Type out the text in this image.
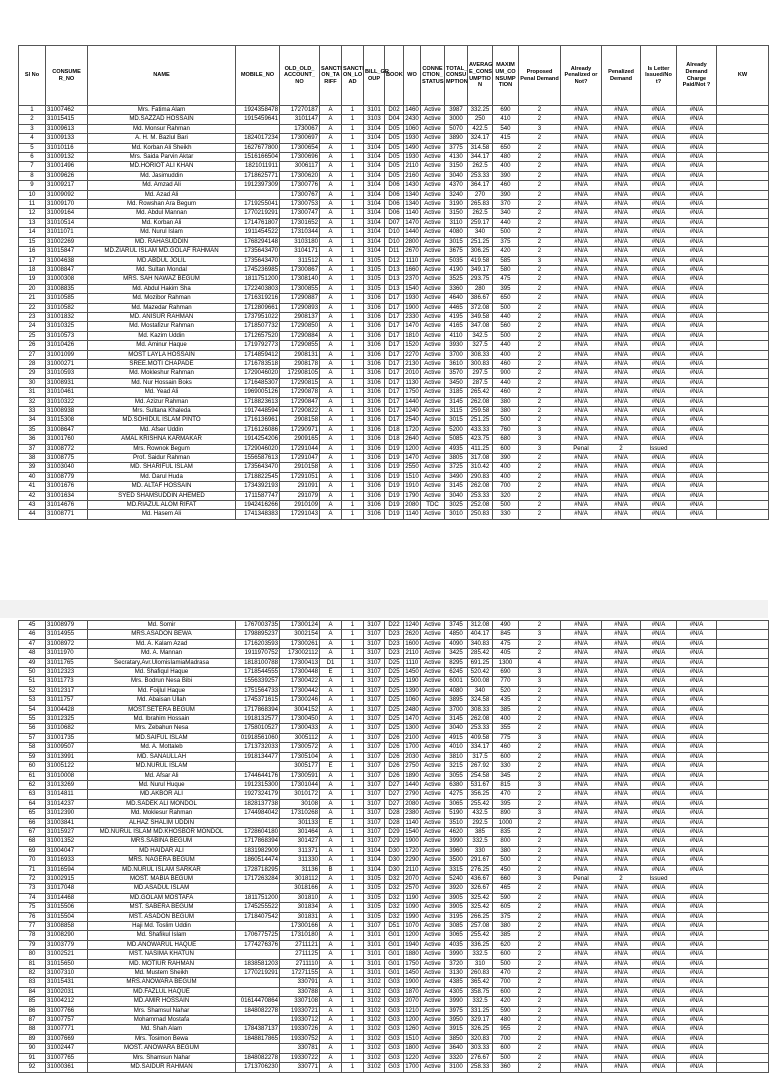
Sl No	CONSUME R_NO	NAME	MOBILE_NO	OLD_OLD_ ACCOUNT_ NO	SANCTI ON_TA RIFF	SANCTI ON_LO AD	BILL_GR OUP	BOOK	WO	CONNE CTION_ STATUS	TOTAL_ CONSU MPTION	AVERAG E_CONS UMPTIO N	MAXIM UM_CO NSUMP TION	Proposed Penal Demand	Already Penalized or Not?	Penalized Demand	Is Letter Issued/No t?	Already Demand Charge Paid/Not ?	KW
1	31007462	Mrs. Fatima Alam	1924358478	17270187	A	1	3101	D02	1460	Active	3987	332.25	690	2	#N/A	#N/A	#N/A	#N/A	
2	31015415	MD.SAZZAD HOSSAIN	1915459641	3101147	A	1	3103	D04	2430	Active	3000	250	410	2	#N/A	#N/A	#N/A	#N/A	
3	31009613	Md. Monsur Rahman		1730067	A	1	3104	D05	1060	Active	5070	422.5	540	3	#N/A	#N/A	#N/A	#N/A	
4	31009133	A. H. M. Bazlul Bari	1824017234	17300697	A	1	3104	D05	1930	Active	3890	324.17	415	2	#N/A	#N/A	#N/A	#N/A	
5	31010116	Md. Korban Ali Sheikh	1627677800	17300654	A	1	3104	D05	1490	Active	3775	314.58	650	2	#N/A	#N/A	#N/A	#N/A	
6	31009132	Mrs. Saida Parvin Aktar	1516166504	17300696	A	1	3104	D05	1930	Active	4130	344.17	480	2	#N/A	#N/A	#N/A	#N/A	
7	31001496	MD.HORIOT ALI KHAN	1821011911	3006117	A	1	3104	D05	2110	Active	3150	262.5	400	2	#N/A	#N/A	#N/A	#N/A	
8	31009626	Md. Jasimuddin	1718625771	17300620	A	1	3104	D05	2160	Active	3040	253.33	390	2	#N/A	#N/A	#N/A	#N/A	
9	31009217	Md. Amzad Ali	1912397309	17300776	A	1	3104	D06	1430	Active	4370	364.17	460	2	#N/A	#N/A	#N/A	#N/A	
10	31009092	Md. Azad Ali		17300767	A	1	3104	D06	1340	Active	3240	270	390	2	#N/A	#N/A	#N/A	#N/A	
11	31009170	Md. Rowshan Ara Begum	1719255041	17300753	A	1	3104	D06	1340	Active	3190	265.83	370	2	#N/A	#N/A	#N/A	#N/A	
12	31009164	Md. Abdul Mannan	1770219291	17300747	A	1	3104	D06	1140	Active	3150	262.5	340	2	#N/A	#N/A	#N/A	#N/A	
13	31010514	Md. Korban Ali	1714761807	17301652	A	1	3104	D07	1470	Active	3110	259.17	440	2	#N/A	#N/A	#N/A	#N/A	
14	31011071	Md. Nurul Islam	1911454522	17310344	A	1	3104	D10	1440	Active	4080	340	500	2	#N/A	#N/A	#N/A	#N/A	
15	31002269	MD. RAHASUDDIN	1768294148	3103180	A	1	3104	D10	2800	Active	3015	251.25	375	2	#N/A	#N/A	#N/A	#N/A	
16	31015847	MD.ZIARUL ISLAM MD.GOLAF RAHMAN	1735643470	3104171	A	1	3104	D11	2670	Active	3675	306.25	420	2	#N/A	#N/A	#N/A	#N/A	
17	31004638	MD.ABDUL JOLIL	1735643470	311512	A	1	3105	D12	1110	Active	5035	419.58	585	3	#N/A	#N/A	#N/A	#N/A	
18	31008847	Md. Sultan Mondal	1745236985	17300867	A	1	3105	D13	1660	Active	4190	349.17	580	2	#N/A	#N/A	#N/A	#N/A	
19	31000308	MRS. SAH NAWAZ BEGUM	1811751200	17308140	A	1	3105	D13	2370	Active	3525	293.75	475	2	#N/A	#N/A	#N/A	#N/A	
20	31008835	Md. Abdul Hakim Sha	1722403803	17300855	A	1	3105	D13	1540	Active	3360	280	395	2	#N/A	#N/A	#N/A	#N/A	
21	31010585	Md. Mozibor Rahman	1716319216	17290887	A	1	3106	D17	1930	Active	4640	386.67	650	2	#N/A	#N/A	#N/A	#N/A	
22	31010582	Md. Mazedar Rahman	1712809661	17290893	A	1	3106	D17	1900	Active	4465	372.08	500	2	#N/A	#N/A	#N/A	#N/A	
23	31001832	MD. ANISUR RAHMAN	1737951022	2908137	A	1	3106	D17	2330	Active	4195	349.58	440	2	#N/A	#N/A	#N/A	#N/A	
24	31010325	Md. Mostafizur Rahman	1718507732	17290850	A	1	3106	D17	1470	Active	4165	347.08	560	2	#N/A	#N/A	#N/A	#N/A	
25	31010573	Md. Kazim Uddin	1712657520	17290884	A	1	3106	D17	1810	Active	4110	342.5	500	2	#N/A	#N/A	#N/A	#N/A	
26	31010426	Md. Aminur Haque	1719792773	17290855	A	1	3106	D17	1520	Active	3930	327.5	440	2	#N/A	#N/A	#N/A	#N/A	
27	31001099	MOST LAYLA HOSSAIN	1714859412	2908131	A	1	3106	D17	2270	Active	3700	308.33	400	2	#N/A	#N/A	#N/A	#N/A	
28	31000271	SREE.MOTI CHAPADE	1716783518	2908178	A	1	3106	D17	2130	Active	3610	300.83	460	2	#N/A	#N/A	#N/A	#N/A	
29	31010593	Md. Mokleshur Rahman	1729046020	172908105	A	1	3106	D17	2010	Active	3570	297.5	900	2	#N/A	#N/A	#N/A	#N/A	
30	31008931	Md. Nur Hossain Boks	1716485307	17290815	A	1	3106	D17	1130	Active	3450	287.5	440	2	#N/A	#N/A	#N/A	#N/A	
31	31010461	Md. Yead Ali	1969005126	17290878	A	1	3106	D17	1750	Active	3185	265.42	460	2	#N/A	#N/A	#N/A	#N/A	
32	31010322	Md. Azizur Rahman	1718823613	17290847	A	1	3106	D17	1440	Active	3145	262.08	380	2	#N/A	#N/A	#N/A	#N/A	
33	31008938	Mrs. Sultana Khaleda	1917448594	17290822	A	1	3106	D17	1240	Active	3115	259.58	380	2	#N/A	#N/A	#N/A	#N/A	
34	31015308	MD.SOHIDUL ISLAM PINTO	1716136961	2908158	A	1	3106	D17	2540	Active	3015	251.25	500	2	#N/A	#N/A	#N/A	#N/A	
35	31008647	Md. Afser Uddin	1716126086	17290971	A	1	3106	D18	1720	Active	5200	433.33	760	3	#N/A	#N/A	#N/A	#N/A	
36	31001760	AMAL KRISHNA KARMAKAR	1914254206	2909165	A	1	3106	D18	2640	Active	5085	423.75	680	3	#N/A	#N/A	#N/A	#N/A	
37	31008772	Mrs. Rownok Begum	1729046020	17291044	A	1	3106	D19	1200	Active	4935	411.25	600	3	Penal	2	Issued		
38	31008775	Prof. Saidur Rahman	1556587613	17291047	A	1	3106	D19	1470	Active	3805	317.08	390	2	#N/A	#N/A	#N/A	#N/A	
39	31003040	MD. SHARIFUL ISLAM	1735643470	2910158	A	1	3106	D19	2550	Active	3725	310.42	400	2	#N/A	#N/A	#N/A	#N/A	
40	31008779	Md. Darul Huda	1718822545	17291051	A	1	3106	D19	1510	Active	3490	290.83	400	2	#N/A	#N/A	#N/A	#N/A	
41	31001676	MD. ALTAF HOSSAIN	1734392193	291091	A	1	3106	D19	1910	Active	3145	262.08	700	2	#N/A	#N/A	#N/A	#N/A	
42	31001634	SYED SHAMSUDDIN AHEMED	1711587747	291079	A	1	3106	D19	1790	Active	3040	253.33	320	2	#N/A	#N/A	#N/A	#N/A	
43	31014676	MD.RIAZUL ALOM RIFAT	1942416266	2910109	A	1	3106	D19	2080	TDC	3025	252.08	500	2	#N/A	#N/A	#N/A	#N/A	
44	31008771	Md. Hasem Ali	1741348383	17291043	A	1	3106	D19	1140	Active	3010	250.83	330	2	#N/A	#N/A	#N/A	#N/A	
45	31008979	Md. Somir	1767003735	17300124	A	1	3107	D22	1240	Active	3745	312.08	490	2	#N/A	#N/A	#N/A	#N/A	
46	31014955	MRS.ASADON BEWA	1798895237	3002154	A	1	3107	D23	2620	Active	4850	404.17	845	3	#N/A	#N/A	#N/A	#N/A	
47	31008972	Md. A. Kalam Azad	1716203593	17300261	A	1	3107	D23	1600	Active	4090	340.83	475	2	#N/A	#N/A	#N/A	#N/A	
48	31011970	Md. A. Mannan	1911970752	173002112	A	1	3107	D23	2110	Active	3425	285.42	405	2	#N/A	#N/A	#N/A	#N/A	
49	31011765	Secratary,Avr.UlomisIamiaMadrasa	1818100788	17300413	D1	1	3107	D25	1110	Active	8295	691.25	1300	4	#N/A	#N/A	#N/A	#N/A	
50	31012323	Md. Shafiqul Haque	1718544555	17300448	E	1	3107	D25	1450	Active	6245	520.42	690	3	#N/A	#N/A	#N/A	#N/A	
51	31011773	Mrs. Bodrun Nesa Bibi	1556339257	17300422	A	1	3107	D25	1190	Active	6001	500.08	770	3	#N/A	#N/A	#N/A	#N/A	
52	31012317	Md. Foijlul Haque	1751564733	17300442	A	1	3107	D25	1390	Active	4080	340	520	2	#N/A	#N/A	#N/A	#N/A	
53	31011757	Md. Abaisan Ullah	1745371615	17300246	A	1	3107	D25	1060	Active	3895	324.58	435	2	#N/A	#N/A	#N/A	#N/A	
54	31004428	MOST.SETERA BEGUM	1717868394	3004152	A	1	3107	D25	2480	Active	3700	308.33	385	2	#N/A	#N/A	#N/A	#N/A	
55	31012325	Md. Ibrahim Hossain	1918132577	17300450	A	1	3107	D25	1470	Active	3145	262.08	400	2	#N/A	#N/A	#N/A	#N/A	
56	31010682	Mrs. Zebahun Nesa	1758010527	17300433	A	1	3107	D25	1300	Active	3040	253.33	355	2	#N/A	#N/A	#N/A	#N/A	
57	31001735	MD.SAIFUL ISLAM	01918561060	3005112	A	1	3107	D26	2100	Active	4915	409.58	775	3	#N/A	#N/A	#N/A	#N/A	
58	31009507	Md. A. Mottaleb	1713732033	17300572	A	1	3107	D26	1700	Active	4010	334.17	460	2	#N/A	#N/A	#N/A	#N/A	
59	31013991	MD. SANAULLAH	1918134477	17305104	A	1	3107	D26	2030	Active	3810	317.5	600	2	#N/A	#N/A	#N/A	#N/A	
60	31005122	MD.NURUL ISLAM		3005177	E	1	3107	D26	2750	Active	3215	267.92	330	2	#N/A	#N/A	#N/A	#N/A	
61	31010008	Md. Afsar Ali	1744644176	17300591	A	1	3107	D26	1890	Active	3055	254.58	345	2	#N/A	#N/A	#N/A	#N/A	
62	31013269	Md. Nurul Huque	1912315300	17301044	A	1	3107	D27	1440	Active	6380	531.67	815	3	#N/A	#N/A	#N/A	#N/A	
63	31014811	MD.AKBOR ALI	1927324179	3010172	A	1	3107	D27	2790	Active	4275	356.25	470	2	#N/A	#N/A	#N/A	#N/A	
64	31014237	MD.SADEK ALI MONDOL	1828137738	30108	A	1	3107	D27	2080	Active	3065	255.42	395	2	#N/A	#N/A	#N/A	#N/A	
65	31012390	Md. Moklesur Rahman	1744984042	17310268	A	1	3107	D28	2380	Active	5190	432.5	890	3	#N/A	#N/A	#N/A	#N/A	
66	31003841	ALHAZ SHALIM UDDIN		301133	E	1	3107	D28	1140	Active	3510	292.5	1000	2	#N/A	#N/A	#N/A	#N/A	
67	31015927	MD.NURUL ISLAM MD.KHOSBOR MONDOL	1728604180	301464	A	1	3107	D29	1540	Active	4620	385	835	2	#N/A	#N/A	#N/A	#N/A	
68	31001352	MRS.SABINA BEGUM	1717868394	301427	A	1	3107	D29	1900	Active	3990	332.5	800	2	#N/A	#N/A	#N/A	#N/A	
69	31004047	MD HAIDAR ALI	1831982909	311371	A	1	3104	D30	1720	Active	3960	330	380	2	#N/A	#N/A	#N/A	#N/A	
70	31016933	MRS. NAGERA BEGUM	1860514474	311330	A	1	3104	D30	2290	Active	3500	291.67	500	2	#N/A	#N/A	#N/A	#N/A	
71	31016594	MD.NURUL ISLAM SARKAR	1728718295	31136	B	1	3104	D30	2110	Active	3315	276.25	450	2	#N/A	#N/A	#N/A	#N/A	
72	31002915	MOST. MABIA BEGUM	1717263284	3018112	A	1	3105	D32	2070	Active	5240	436.67	660	3	Penal	2	Issued		
73	31017048	MD.ASADUL ISLAM		3018166	A	1	3105	D32	2570	Active	3920	326.67	465	2	#N/A	#N/A	#N/A	#N/A	
74	31014468	MD.GOLAM MOSTAFA	1811751200	301810	A	1	3105	D32	1190	Active	3905	325.42	590	2	#N/A	#N/A	#N/A	#N/A	
75	31015506	MST. SABERA BEGUM	1745255522	301834	A	1	3105	D32	1090	Active	3905	325.42	605	2	#N/A	#N/A	#N/A	#N/A	
76	31015504	MST. ASADON BEGUM	1718407542	301831	A	1	3105	D32	1990	Active	3195	266.25	375	2	#N/A	#N/A	#N/A	#N/A	
77	31008858	Haji Md. Toslim Uddin		17300166	A	1	3107	D51	1070	Active	3085	257.08	380	2	#N/A	#N/A	#N/A	#N/A	
78	31008290	Md. Shafikul Islam	1706775725	17310180	A	1	3101	G01	1200	Active	3065	255.42	385	2	#N/A	#N/A	#N/A	#N/A	
79	31003779	MD.ANOWARUL HAQUE	1774276376	2711121	A	1	3101	G01	1940	Active	4035	336.25	620	2	#N/A	#N/A	#N/A	#N/A	
80	31002521	MST. NASIMA KHATUN		2711125	A	1	3101	G01	1880	Active	3990	332.5	600	2	#N/A	#N/A	#N/A	#N/A	
81	31015650	MD. MOTIUR RAHMAN	1838581203	2711110	A	1	3101	G01	1750	Active	3720	310	500	2	#N/A	#N/A	#N/A	#N/A	
82	31007310	Md. Mustem Sheikh	1770219291	17271155	A	1	3101	G01	1450	Active	3130	260.83	470	2	#N/A	#N/A	#N/A	#N/A	
83	31015431	MRS.ANOWARA BEGUM		330791	A	1	3102	G03	1900	Active	4385	365.42	700	2	#N/A	#N/A	#N/A	#N/A	
84	31002031	MD.FAZLUL HAQUE		330788	A	1	3102	G03	1870	Active	4305	358.75	600	2	#N/A	#N/A	#N/A	#N/A	
85	31004212	MD.AMIR HOSSAIN	01614470864	3307108	A	1	3102	G03	2070	Active	3990	332.5	420	2	#N/A	#N/A	#N/A	#N/A	
86	31007766	Mrs. Shamsul Nahar	1848082278	19330721	A	1	3102	G03	1210	Active	3975	331.25	590	2	#N/A	#N/A	#N/A	#N/A	
87	31007757	Mohammad Mostafa		19330712	A	1	3102	G03	1200	Active	3950	329.17	480	2	#N/A	#N/A	#N/A	#N/A	
88	31007771	Md. Shah Alam	1784387137	19330726	A	1	3102	G03	1260	Active	3915	326.25	955	2	#N/A	#N/A	#N/A	#N/A	
89	31007669	Mrs. Tosimon Bewa	1848817865	19330752	A	1	3102	G03	1510	Active	3850	320.83	700	2	#N/A	#N/A	#N/A	#N/A	
90	31002447	MOST. ANOWARA BEGUM		330781	A	1	3102	G03	1800	Active	3640	303.33	600	2	#N/A	#N/A	#N/A	#N/A	
91	31007765	Mrs. Shamsun Nahar	1848082278	19330722	A	1	3102	G03	1220	Active	3320	276.67	500	2	#N/A	#N/A	#N/A	#N/A	
92	31000361	MD.SAIDUR RAHMAN	1713706230	330771	A	1	3102	G03	1700	Active	3100	258.33	360	2	#N/A	#N/A	#N/A	#N/A	
